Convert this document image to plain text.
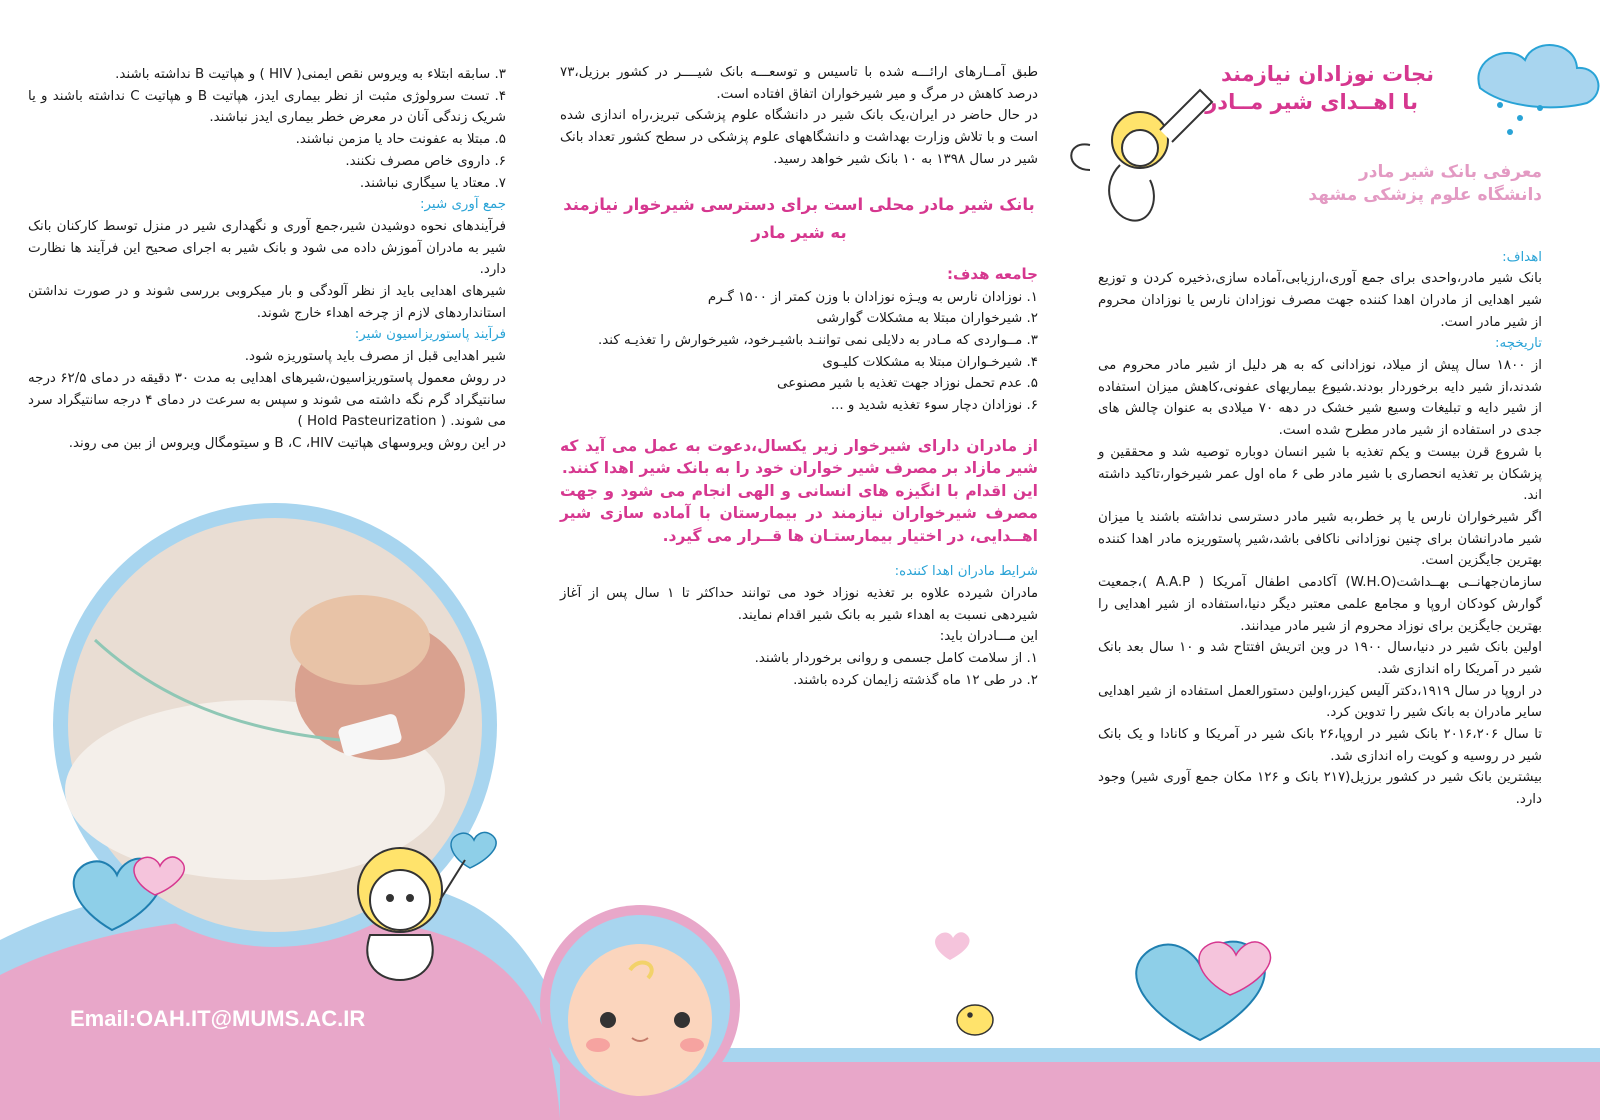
نجات نوزادان نیازمند
با اهــدای شیر مــادر
معرفی بانک شیر مادر
دانشگاه علوم پزشکی مشهد

اهداف:

بانک شیر مادر،واحدی برای جمع آوری،ارزیابی،آماده سازی،ذخیره کردن و توزیع شیر اهدایی از مادران اهدا کننده جهت مصرف نوزادان نارس یا نوزادان محروم از شیر مادر است.

تاریخچه:

از ۱۸۰۰ سال پیش از میلاد، نوزادانی که به هر دلیل از شیر مادر محروم می شدند،از شیر دایه برخوردار بودند.شیوع بیماریهای عفونی،کاهش میزان استفاده از شیر دایه و تبلیغات وسیع شیر خشک در دهه ۷۰ میلادی به عنوان چالش های جدی در استفاده از شیر مادر مطرح شده است.

با شروع قرن بیست و یکم تغذیه با شیر انسان دوباره توصیه شد و محققین و پزشکان بر تغذیه انحصاری با شیر مادر طی ۶ ماه اول عمر شیرخوار،تاکید داشته اند.

اگر شیرخواران نارس یا پر خطر،به شیر مادر دسترسی نداشته باشند یا میزان شیر مادرانشان برای چنین نوزادانی ناکافی باشد،شیر پاستوریزه مادر اهدا کننده بهترین جایگزین است.

سازمان‌جهانــی بهــداشت(W.H.O) آکادمی اطفال آمریکا ( A.A.P )،جمعیت گوارش کودکان اروپا و مجامع علمی معتبر دیگر دنیا،استفاده از شیر اهدایی را بهترین جایگزین برای نوزاد محروم از شیر مادر میدانند.

اولین بانک شیر در دنیا،سال ۱۹۰۰ در وین اتریش افتتاح شد و ۱۰ سال بعد بانک شیر در آمریکا راه اندازی شد.

در اروپا در سال ۱۹۱۹،دکتر آلیس کیزر،اولین دستورالعمل استفاده از شیر اهدایی سایر مادران به بانک شیر را تدوین کرد.

تا سال ۲۰۱۶،۲۰۶ بانک شیر در اروپا،۲۶ بانک شیر در آمریکا و کانادا و یک بانک شیر در روسیه و کویت راه اندازی شد.

بیشترین بانک شیر در کشور برزیل(۲۱۷ بانک و ۱۲۶ مکان جمع آوری شیر) وجود دارد.

طبق آمــارهای ارائـــه شده با تاسیس و توسعـــه بانک شیــــر در کشور برزیل،۷۳ درصد کاهش در مرگ و میر شیرخواران اتفاق افتاده است.

در حال حاضر در ایران،یک بانک شیر در دانشگاه علوم پزشکی تبریز،راه اندازی شده است و با تلاش وزارت بهداشت و دانشگاههای علوم پزشکی در سطح کشور تعداد بانک شیر در سال ۱۳۹۸ به ۱۰ بانک شیر خواهد رسید.

بانک شیر مادر محلی است برای دسترسی شیرخوار نیازمند به شیر مادر

جامعه هدف:

۱. نوزادان نارس به ویـژه نوزادان با وزن کمتر از ۱۵۰۰ گـرم
۲. شیرخواران مبتلا به مشکلات گوارشی
۳. مــواردی که مـادر به دلایلی نمی تواننـد باشیـرخود، شیرخوارش را تغذیـه کند.
۴. شیرخـواران مبتلا به مشکلات کلیـوی
۵. عدم تحمل نوزاد جهت تغذیه با شیر مصنوعی
۶. نوزادان دچار سوء تغذیه شدید و ...

از مادران دارای شیرخوار زیر یکسال،دعوت به عمل می آید که شیر مازاد بر مصرف شیر خواران خود را به بانک شیر اهدا کنند.

این اقدام با انگیزه های انسانی و الهی انجام می شود و جهت مصرف شیرخواران نیازمند در بیمارستان با آماده سازی شیر اهــدایی، در اختیار بیمارستـان ها قــرار می گیرد.

شرایط مادران اهدا کننده:

مادران شیرده علاوه بر تغذیه نوزاد خود می توانند حداکثر تا ۱ سال پس از آغاز شیردهی نسبت به اهداء شیر به بانک شیر اقدام نمایند.

این مـــادران باید:

۱. از سلامت کامل جسمی و روانی برخوردار باشند.
۲. در طی ۱۲ ماه گذشته زایمان کرده باشند.
۳. سابقه ابتلاء به ویروس نقص ایمنی( HIV ) و هپاتیت B نداشته باشند.
۴. تست سرولوژی مثبت از نظر بیماری ایدز، هپاتیت B و هپاتیت C نداشته باشند و یا شریک زندگی آنان در معرض خطر بیماری ایدز نباشند.
۵. مبتلا به عفونت حاد یا مزمن نباشند.
۶. داروی خاص مصرف نکنند.
۷. معتاد یا سیگاری نباشند.

جمع آوری شیر:

فرآیندهای نحوه دوشیدن شیر،جمع آوری و نگهداری شیر در منزل توسط کارکنان بانک شیر به مادران آموزش داده می شود و بانک شیر به اجرای صحیح این فرآیند ها نظارت دارد.

شیرهای اهدایی باید از نظر آلودگی و بار میکروبی بررسی شوند و در صورت نداشتن استانداردهای لازم از چرخه اهداء خارج شوند.

فرآیند پاستوریزاسیون شیر:

شیر اهدایی قبل از مصرف باید پاستوریزه شود.

در روش معمول پاستوریزاسیون،شیرهای اهدایی به مدت ۳۰ دقیقه در دمای ۶۲/۵ درجه سانتیگراد گرم نگه داشته می شوند و سپس به سرعت در دمای ۴ درجه سانتیگراد سرد می شوند. ( Hold Pasteurization )

در این روش ویروسهای هپاتیت B ،C ،HIV و سیتومگال ویروس از بین می روند.

Email:OAH.IT@MUMS.AC.IR
